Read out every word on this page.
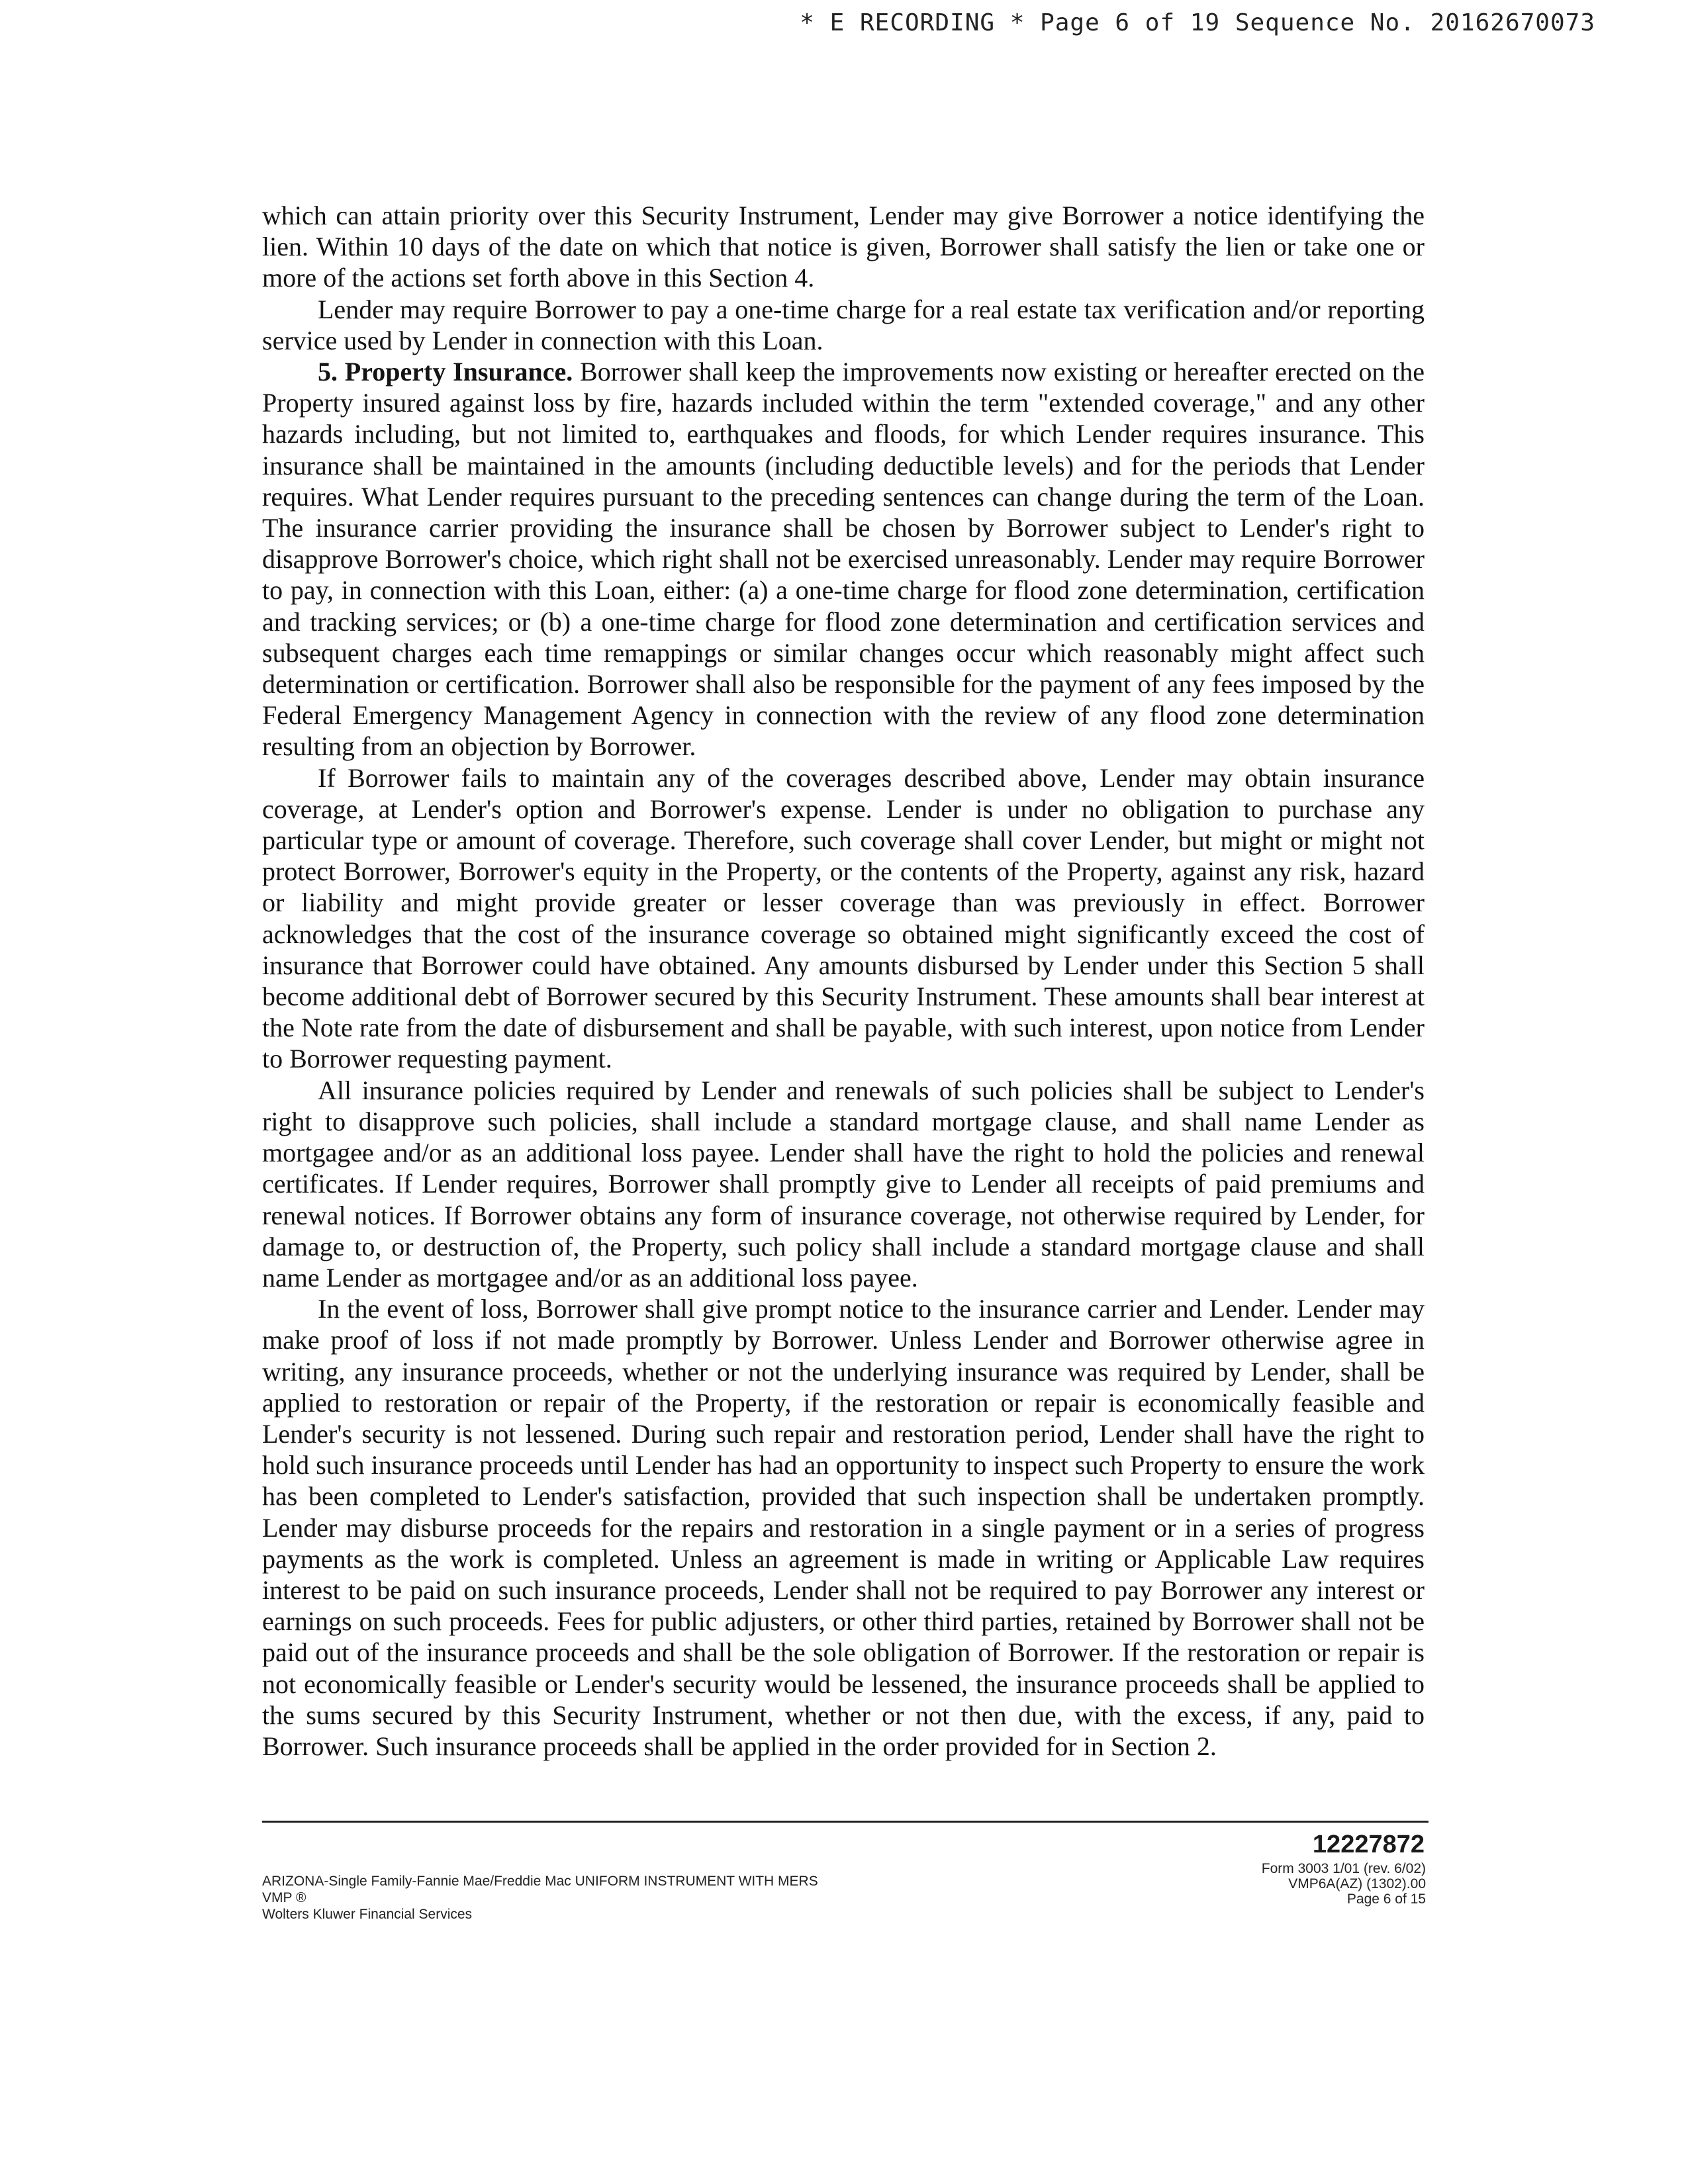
* E RECORDING * Page 6 of 19 Sequence No. 20162670073

which can attain priority over this Security Instrument, Lender may give Borrower a notice identifying the lien. Within 10 days of the date on which that notice is given, Borrower shall satisfy the lien or take one or more of the actions set forth above in this Section 4.

Lender may require Borrower to pay a one-time charge for a real estate tax verification and/or reporting service used by Lender in connection with this Loan.

5. Property Insurance. Borrower shall keep the improvements now existing or hereafter erected on the Property insured against loss by fire, hazards included within the term "extended coverage," and any other hazards including, but not limited to, earthquakes and floods, for which Lender requires insurance. This insurance shall be maintained in the amounts (including deductible levels) and for the periods that Lender requires. What Lender requires pursuant to the preceding sentences can change during the term of the Loan. The insurance carrier providing the insurance shall be chosen by Borrower subject to Lender's right to disapprove Borrower's choice, which right shall not be exercised unreasonably. Lender may require Borrower to pay, in connection with this Loan, either: (a) a one-time charge for flood zone determination, certification and tracking services; or (b) a one-time charge for flood zone determination and certification services and subsequent charges each time remappings or similar changes occur which reasonably might affect such determination or certification. Borrower shall also be responsible for the payment of any fees imposed by the Federal Emergency Management Agency in connection with the review of any flood zone determination resulting from an objection by Borrower.

If Borrower fails to maintain any of the coverages described above, Lender may obtain insurance coverage, at Lender's option and Borrower's expense. Lender is under no obligation to purchase any particular type or amount of coverage. Therefore, such coverage shall cover Lender, but might or might not protect Borrower, Borrower's equity in the Property, or the contents of the Property, against any risk, hazard or liability and might provide greater or lesser coverage than was previously in effect. Borrower acknowledges that the cost of the insurance coverage so obtained might significantly exceed the cost of insurance that Borrower could have obtained. Any amounts disbursed by Lender under this Section 5 shall become additional debt of Borrower secured by this Security Instrument. These amounts shall bear interest at the Note rate from the date of disbursement and shall be payable, with such interest, upon notice from Lender to Borrower requesting payment.

All insurance policies required by Lender and renewals of such policies shall be subject to Lender's right to disapprove such policies, shall include a standard mortgage clause, and shall name Lender as mortgagee and/or as an additional loss payee. Lender shall have the right to hold the policies and renewal certificates. If Lender requires, Borrower shall promptly give to Lender all receipts of paid premiums and renewal notices. If Borrower obtains any form of insurance coverage, not otherwise required by Lender, for damage to, or destruction of, the Property, such policy shall include a standard mortgage clause and shall name Lender as mortgagee and/or as an additional loss payee.

In the event of loss, Borrower shall give prompt notice to the insurance carrier and Lender. Lender may make proof of loss if not made promptly by Borrower. Unless Lender and Borrower otherwise agree in writing, any insurance proceeds, whether or not the underlying insurance was required by Lender, shall be applied to restoration or repair of the Property, if the restoration or repair is economically feasible and Lender's security is not lessened. During such repair and restoration period, Lender shall have the right to hold such insurance proceeds until Lender has had an opportunity to inspect such Property to ensure the work has been completed to Lender's satisfaction, provided that such inspection shall be undertaken promptly. Lender may disburse proceeds for the repairs and restoration in a single payment or in a series of progress payments as the work is completed. Unless an agreement is made in writing or Applicable Law requires interest to be paid on such insurance proceeds, Lender shall not be required to pay Borrower any interest or earnings on such proceeds. Fees for public adjusters, or other third parties, retained by Borrower shall not be paid out of the insurance proceeds and shall be the sole obligation of Borrower. If the restoration or repair is not economically feasible or Lender's security would be lessened, the insurance proceeds shall be applied to the sums secured by this Security Instrument, whether or not then due, with the excess, if any, paid to Borrower. Such insurance proceeds shall be applied in the order provided for in Section 2.

12227872
ARIZONA-Single Family-Fannie Mae/Freddie Mac UNIFORM INSTRUMENT WITH MERS
VMP ®
Wolters Kluwer Financial Services
Form 3003 1/01 (rev. 6/02)
VMP6A(AZ) (1302).00
Page 6 of 15
